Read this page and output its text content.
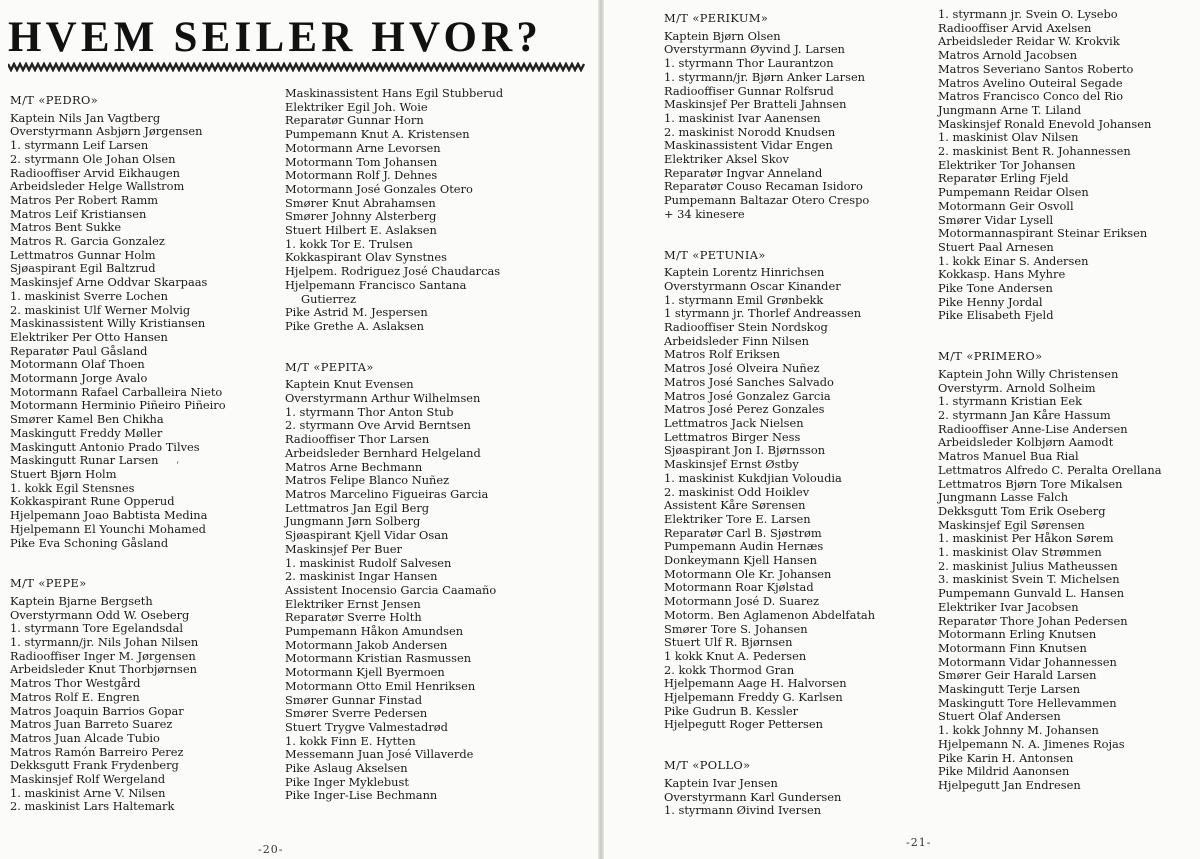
HVEM SEILER HVOR?
M/T «PEDRO»
Kaptein Nils Jan Vagtberg
Overstyrmann Asbjørn Jørgensen
1. styrmann Leif Larsen
2. styrmann Ole Johan Olsen
Radiooffiser Arvid Eikhaugen
Arbeidsleder Helge Wallstrom
Matros Per Robert Ramm
Matros Leif Kristiansen
Matros Bent Sukke
Matros R. Garcia Gonzalez
Lettmatros Gunnar Holm
Sjøaspirant Egil Baltzrud
Maskinsjef Arne Oddvar Skarpaas
1. maskinist Sverre Lochen
2. maskinist Ulf Werner Molvig
Maskinassistent Willy Kristiansen
Elektriker Per Otto Hansen
Reparatør Paul Gåsland
Motormann Olaf Thoen
Motormann Jorge Avalo
Motormann Rafael Carballeira Nieto
Motormann Herminio Piñeiro Piñeiro
Smører Kamel Ben Chikha
Maskingutt Freddy Møller
Maskingutt Antonio Prado Tilves
Maskingutt Runar Larsen
Stuert Bjørn Holm
1. kokk Egil Stensnes
Kokkaspirant Rune Opperud
Hjelpemann Joao Babtista Medina
Hjelpemann El Younchi Mohamed
Pike Eva Schoning Gåsland
M/T «PEPE»
Kaptein Bjarne Bergseth
Overstyrmann Odd W. Oseberg
1. styrmann Tore Egelandsdal
1. styrmann/jr. Nils Johan Nilsen
Radiooffiser Inger M. Jørgensen
Arbeidsleder Knut Thorbjørnsen
Matros Thor Westgård
Matros Rolf E. Engren
Matros Joaquin Barrios Gopar
Matros Juan Barreto Suarez
Matros Juan Alcade Tubio
Matros Ramón Barreiro Perez
Dekksgutt Frank Frydenberg
Maskinsjef Rolf Wergeland
1. maskinist Arne V. Nilsen
2. maskinist Lars Haltemark
Maskinassistent Hans Egil Stubberud
Elektriker Egil Joh. Woie
Reparatør Gunnar Horn
Pumpemann Knut A. Kristensen
Motormann Arne Levorsen
Motormann Tom Johansen
Motormann Rolf J. Dehnes
Motormann José Gonzales Otero
Smører Knut Abrahamsen
Smører Johnny Alsterberg
Stuert Hilbert E. Aslaksen
1. kokk Tor E. Trulsen
Kokkaspirant Olav Synstnes
Hjelpem. Rodriguez José Chaudarcas
Hjelpemann Francisco Santana
Gutierrez
Pike Astrid M. Jespersen
Pike Grethe A. Aslaksen
M/T «PEPITA»
Kaptein Knut Evensen
Overstyrmann Arthur Wilhelmsen
1. styrmann Thor Anton Stub
2. styrmann Ove Arvid Berntsen
Radiooffiser Thor Larsen
Arbeidsleder Bernhard Helgeland
Matros Arne Bechmann
Matros Felipe Blanco Nuñez
Matros Marcelino Figueiras Garcia
Lettmatros Jan Egil Berg
Jungmann Jørn Solberg
Sjøaspirant Kjell Vidar Osan
Maskinsjef Per Buer
1. maskinist Rudolf Salvesen
2. maskinist Ingar Hansen
Assistent Inocensio Garcia Caamaño
Elektriker Ernst Jensen
Reparatør Sverre Holth
Pumpemann Håkon Amundsen
Motormann Jakob Andersen
Motormann Kristian Rasmussen
Motormann Kjell Byermoen
Motormann Otto Emil Henriksen
Smører Gunnar Finstad
Smører Sverre Pedersen
Stuert Trygve Valmestadrød
1. kokk Finn E. Hytten
Messemann Juan José Villaverde
Pike Aslaug Akselsen
Pike Inger Myklebust
Pike Inger-Lise Bechmann
M/T «PERIKUM»
Kaptein Bjørn Olsen
Overstyrmann Øyvind J. Larsen
1. styrmann Thor Laurantzon
1. styrmann/jr. Bjørn Anker Larsen
Radiooffiser Gunnar Rolfsrud
Maskinsjef Per Bratteli Jahnsen
1. maskinist Ivar Aanensen
2. maskinist Norodd Knudsen
Maskinassistent Vidar Engen
Elektriker Aksel Skov
Reparatør Ingvar Anneland
Reparatør Couso Recaman Isidoro
Pumpemann Baltazar Otero Crespo
+ 34 kinesere
M/T «PETUNIA»
Kaptein Lorentz Hinrichsen
Overstyrmann Oscar Kinander
1. styrmann Emil Grønbekk
1 styrmann jr. Thorlef Andreassen
Radiooffiser Stein Nordskog
Arbeidsleder Finn Nilsen
Matros Rolf Eriksen
Matros José Olveira Nuñez
Matros José Sanches Salvado
Matros José Gonzalez Garcia
Matros José Perez Gonzales
Lettmatros Jack Nielsen
Lettmatros Birger Ness
Sjøaspirant Jon I. Bjørnsson
Maskinsjef Ernst Østby
1. maskinist Kukdjian Voloudia
2. maskinist Odd Hoiklev
Assistent Kåre Sørensen
Elektriker Tore E. Larsen
Reparatør Carl B. Sjøstrøm
Pumpemann Audin Hernæs
Donkeymann Kjell Hansen
Motormann Ole Kr. Johansen
Motormann Roar Kjølstad
Motormann José D. Suarez
Motorm. Ben Aglamenon Abdelfatah
Smører Tore S. Johansen
Stuert Ulf R. Bjørnsen
1 kokk Knut A. Pedersen
2. kokk Thormod Gran
Hjelpemann Aage H. Halvorsen
Hjelpemann Freddy G. Karlsen
Pike Gudrun B. Kessler
Hjelpegutt Roger Pettersen
M/T «POLLO»
Kaptein Ivar Jensen
Overstyrmann Karl Gundersen
1. styrmann Øivind Iversen
1. styrmann jr. Svein O. Lysebo
Radiooffiser Arvid Axelsen
Arbeidsleder Reidar W. Krokvik
Matros Arnold Jacobsen
Matros Severiano Santos Roberto
Matros Avelino Outeiral Segade
Matros Francisco Conco del Rio
Jungmann Arne T. Liland
Maskinsjef Ronald Enevold Johansen
1. maskinist Olav Nilsen
2. maskinist Bent R. Johannessen
Elektriker Tor Johansen
Reparatør Erling Fjeld
Pumpemann Reidar Olsen
Motormann Geir Osvoll
Smører Vidar Lysell
Motormannaspirant Steinar Eriksen
Stuert Paal Arnesen
1. kokk Einar S. Andersen
Kokkasp. Hans Myhre
Pike Tone Andersen
Pike Henny Jordal
Pike Elisabeth Fjeld
M/T «PRIMERO»
Kaptein John Willy Christensen
Overstyrm. Arnold Solheim
1. styrmann Kristian Eek
2. styrmann Jan Kåre Hassum
Radiooffiser Anne-Lise Andersen
Arbeidsleder Kolbjørn Aamodt
Matros Manuel Bua Rial
Lettmatros Alfredo C. Peralta Orellana
Lettmatros Bjørn Tore Mikalsen
Jungmann Lasse Falch
Dekksgutt Tom Erik Oseberg
Maskinsjef Egil Sørensen
1. maskinist Per Håkon Sørem
1. maskinist Olav Strømmen
2. maskinist Julius Matheussen
3. maskinist Svein T. Michelsen
Pumpemann Gunvald L. Hansen
Elektriker Ivar Jacobsen
Reparatør Thore Johan Pedersen
Motormann Erling Knutsen
Motormann Finn Knutsen
Motormann Vidar Johannessen
Smører Geir Harald Larsen
Maskingutt Terje Larsen
Maskingutt Tore Hellevammen
Stuert Olaf Andersen
1. kokk Johnny M. Johansen
Hjelpemann N. A. Jimenes Rojas
Pike Karin H. Antonsen
Pike Mildrid Aanonsen
Hjelpegutt Jan Endresen
‘
-20-
-21-
